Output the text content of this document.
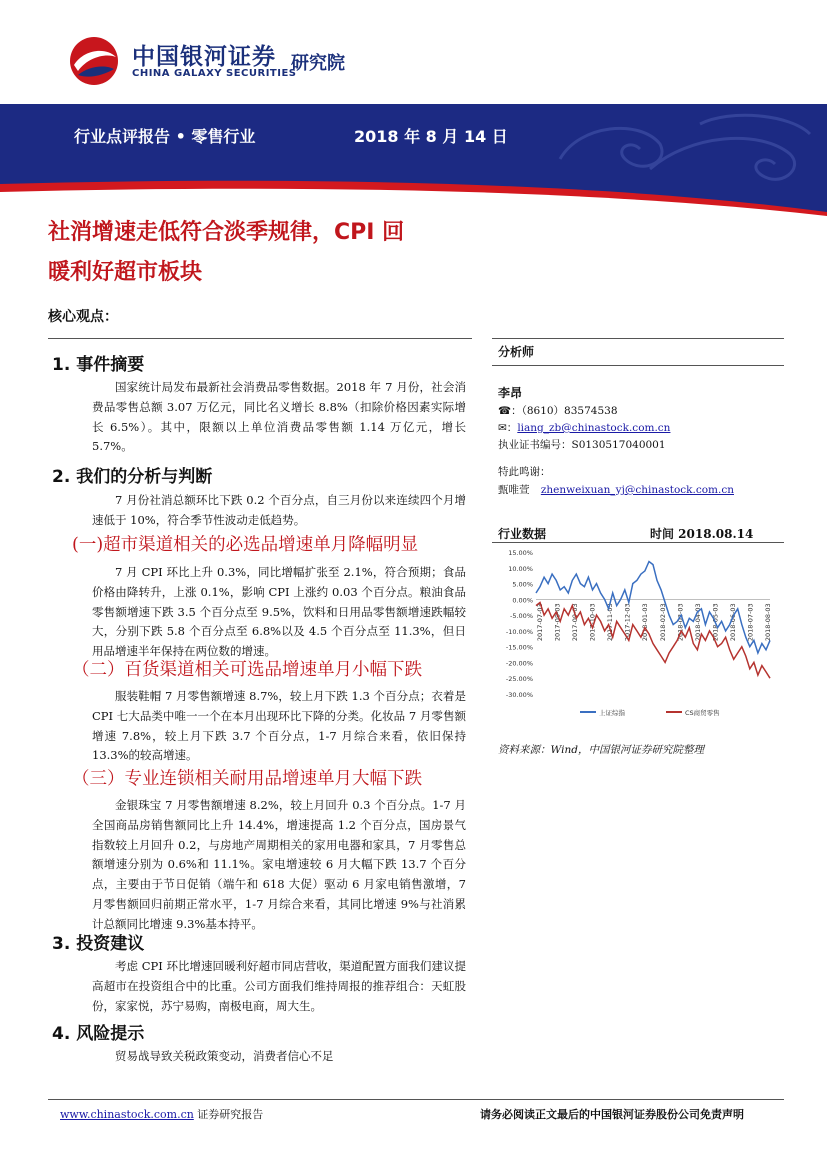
中国银河证券
CHINA GALAXY SECURITIES
研究院
行业点评报告 • 零售行业	2018 年 8 月 14 日
社消增速走低符合淡季规律，CPI 回
暖利好超市板块
核心观点：
1. 事件摘要

国家统计局发布最新社会消费品零售数据。2018 年 7 月份，社会消费品零售总额 3.07 万亿元，同比名义增长 8.8%（扣除价格因素实际增长 6.5%）。其中，限额以上单位消费品零售额 1.14 万亿元，增长 5.7%。

2. 我们的分析与判断

7 月份社消总额环比下跌 0.2 个百分点，自三月份以来连续四个月增速低于 10%，符合季节性波动走低趋势。

(一)超市渠道相关的必选品增速单月降幅明显

7 月 CPI 环比上升 0.3%，同比增幅扩张至 2.1%，符合预期；食品价格由降转升，上涨 0.1%，影响 CPI 上涨约 0.03 个百分点。粮油食品零售额增速下跌 3.5 个百分点至 9.5%，饮料和日用品零售额增速跌幅较大，分别下跌 5.8 个百分点至 6.8%以及 4.5 个百分点至 11.3%，但日用品增速半年保持在两位数的增速。

（二）百货渠道相关可选品增速单月小幅下跌

服装鞋帽 7 月零售额增速 8.7%，较上月下跌 1.3 个百分点；衣着是 CPI 七大品类中唯一一个在本月出现环比下降的分类。化妆品 7 月零售额增速 7.8%，较上月下跌 3.7 个百分点，1-7 月综合来看，依旧保持 13.3%的较高增速。

（三）专业连锁相关耐用品增速单月大幅下跌

金银珠宝 7 月零售额增速 8.2%，较上月回升 0.3 个百分点。1-7 月全国商品房销售额同比上升 14.4%，增速提高 1.2 个百分点，国房景气指数较上月回升 0.2，与房地产周期相关的家用电器和家具，7 月零售总额增速分别为 0.6%和 11.1%。家电增速较 6 月大幅下跌 13.7 个百分点，主要由于节日促销（端午和 618 大促）驱动 6 月家电销售激增，7 月零售额回归前期正常水平，1-7 月综合来看，其同比增速 9%与社消累计总额同比增速 9.3%基本持平。

3. 投资建议

考虑 CPI 环比增速回暖利好超市同店营收，渠道配置方面我们建议提高超市在投资组合中的比重。公司方面我们维持周报的推荐组合：天虹股份，家家悦，苏宁易购，南极电商，周大生。

4. 风险提示

贸易战导致关税政策变动，消费者信心不足

分析师
李昂
☎：（8610）83574538
✉：liang_zb@chinastock.com.cn
执业证书编号：S0130517040001
特此鸣谢：
甄唯萱 zhenweixuan_yj@chinastock.com.cn
行业数据	时间 2018.08.14
15.00%
10.00%
5.00%
0.00%
-5.00%
-10.00%
-15.00%
-20.00%
-25.00%
-30.00%
2017-07-03 2017-08-03 2017-09-03 2017-10-03 2017-11-03 2017-12-03 2018-01-03 2018-02-03 2018-03-03 2018-04-03 2018-05-03 2018-06-03 2018-07-03 2018-08-03
上证综指	CS商贸零售
资料来源：Wind，中国银河证券研究院整理
www.chinastock.com.cn 证券研究报告	请务必阅读正文最后的中国银河证券股份公司免责声明
